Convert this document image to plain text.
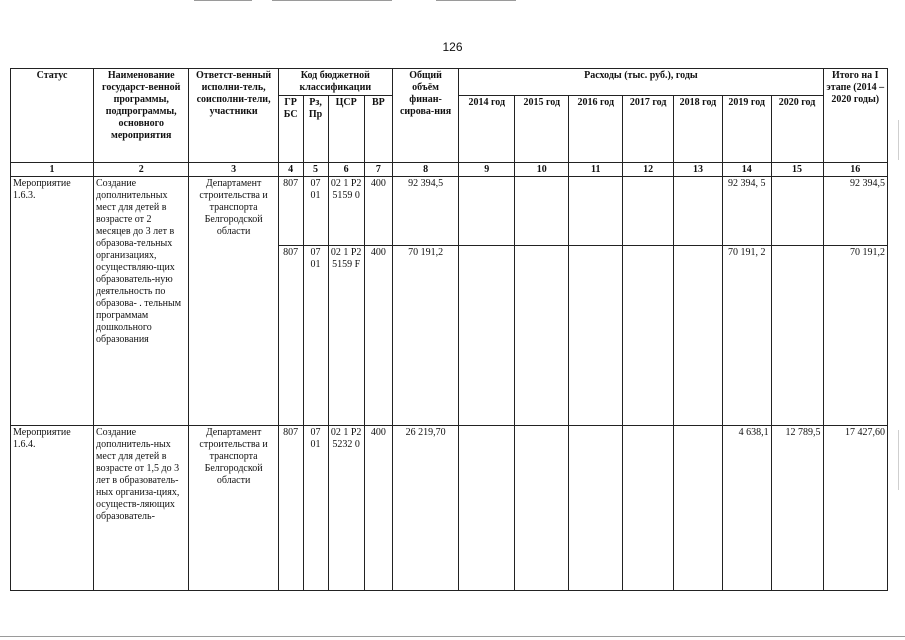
126
Статус	Наименование государст-венной программы, подпрограммы, основного мероприятия	Ответст-венный исполни-тель, соисполни-тели, участники	Код бюджетной классификации				Общий объём финан-сирова-ния	Расходы (тыс. руб.), годы							Итого на I этапе (2014 – 2020 годы)
			ГР БС	Рз, Пр	ЦСР	ВР		2014 год	2015 год	2016 год	2017 год	2018 год	2019 год	2020 год	
1	2	3	4	5	6	7	8	9	10	11	12	13	14	15	16
Мероприятие 1.6.3.	Создание дополнительных мест для детей в возрасте от 2 месяцев до 3 лет в образова-тельных организациях, осуществляю-щих образователь-ную деятельность по образова- . тельным программам дошкольного образования	Департамент строительства и транспорта Белгородской области	807	07 01	02 1 P2 5159 0	400	92 394,5						92 394, 5		92 394,5
			807	07 01	02 1 P2 5159 F	400	70 191,2						70 191, 2		70 191,2
Мероприятие 1.6.4.	Создание дополнитель-ных мест для детей в возрасте от 1,5 до 3 лет в образователь-ных организа-циях, осуществ-ляющих образователь-	Департамент строительства и транспорта Белгородской области	807	07 01	02 1 P2 5232 0	400	26 219,70						4 638,1	12 789,5	17 427,60
